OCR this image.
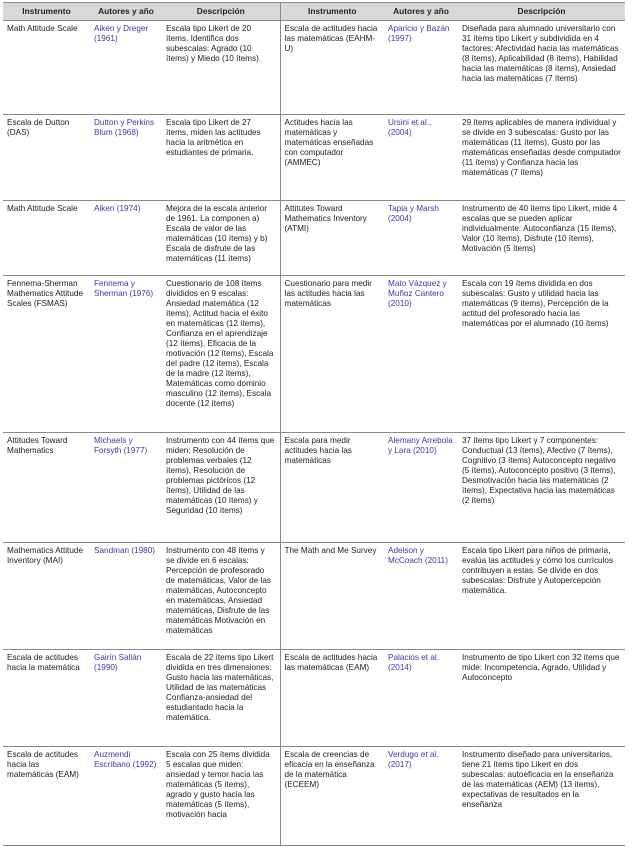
Instrumento	Autores y año	Descripción	Instrumento	Autores y año	Descripción
Math Attitude Scale	Aiken y Dreger (1961)	Escala tipo Likert de 20 ítems. Identifica dos subescalas: Agrado (10 ítems) y Miedo (10 ítems)	Escala de actitudes hacia las matemáticas (EAHM-U)	Aparicio y Bazán (1997)	Diseñada para alumnado universitario con 31 ítems tipo Likert y subdividida en 4 factores: Afectividad hacia las matemáticas (8 ítems), Aplicabilidad (8 ítems), Habilidad hacia las matemáticas (8 ítems), Ansiedad hacia las matemáticas (7 ítems)
Escala de Dutton (DAS)	Dutton y Perkins Blum (1968)	Escala tipo Likert de 27 ítems, miden las actitudes hacia la aritmética en estudiantes de primaria.	Actitudes hacia las matemáticas y matemáticas enseñadas con computador (AMMEC)	Ursini et al., (2004)	29 ítems aplicables de manera individual y se divide en 3 subescalas: Gusto por las matemáticas (11 ítems), Gusto por las matemáticas enseñadas desde computador (11 ítems) y Confianza hacia las matemáticas (7 ítems)
Math Attitude Scale	Aiken (1974)	Mejora de la escala anterior de 1961. La componen a) Escala de valor de las matemáticas (10 ítems) y b) Escala de disfrute de las matemáticas (11 ítems)	Attitutes Toward Mathematics Inventory (ATMI)	Tapia y Marsh (2004)	Instrumento de 40 ítems tipo Likert, mide 4 escalas que se pueden aplicar individualmente: Autoconfianza (15 ítems), Valor (10 ítems), Disfrute (10 ítems), Motivación (5 ítems)
Fennema-Sherman Mathematics Attitude Scales (FSMAS)	Fennema y Sherman (1976)	Cuestionario de 108 ítems divididos en 9 escalas: Ansiedad matemática (12 ítems), Actitud hacia el éxito en matemáticas (12 ítems), Confianza en el aprendizaje (12 ítems), Eficacia de la motivación (12 ítems), Escala del padre (12 ítems), Escala de la madre (12 ítems), Matemáticas como dominio masculino (12 ítems), Escala docente (12 ítems)	Cuestionario para medir las actitudes hacia las matemáticas	Mato Vázquez y Muñoz Cantero (2010)	Escala con 19 ítems dividida en dos subescalas: Gusto y utilidad hacia las matemáticas (9 ítems), Percepción de la actitud del profesorado hacia las matemáticas por el alumnado (10 ítems)
Attitudes Toward Mathematics	Michaels y Forsyth (1977)	Instrumento con 44 ítems que miden: Resolución de problemas verbales (12 ítems), Resolución de problemas pictóricos (12 ítems), Utilidad de las matemáticas (10 ítems) y Seguridad (10 ítems)	Escala para medir actitudes hacia las matemáticas	Alemany Arrebola y Lara (2010)	37 ítems tipo Likert y 7 componentes: Conductual (13 ítems), Afectivo (7 ítems), Cognitivo (3 ítems) Autoconcepto negativo (5 ítems), Autoconcepto positivo (3 ítems), Desmotivación hacia las matemáticas (2 ítems), Expectativa hacia las matemáticas (2 ítems)
Mathematics Attitude Inventory (MAI)	Sandman (1980)	Instrumento con 48 ítems y se divide en 6 escalas: Percepción de profesorado de matemáticas, Valor de las matemáticas, Autoconcepto en matemáticas, Ansiedad matemáticas, Disfrute de las matemáticas Motivación en matemáticas	The Math and Me Survey	Adelson y McCoach (2011)	Escala tipo Likert para niños de primaria, evalúa las actitudes y cómo los currículos contribuyen a estas. Se divide en dos subescalas: Disfrute y Autopercepción matemática.
Escala de actitudes hacia la matemática	Gairín Sallán (1990)	Escala de 22 ítems tipo Likert dividida en tres dimensiones: Gusto hacia las matemáticas, Utilidad de las matemáticas Confianza-ansiedad del estudiantado hacia la matemática.	Escala de actitudes hacia las matemáticas (EAM)	Palacios et al. (2014)	Instrumento de tipo Likert con 32 ítems que mide: Incompetencia, Agrado, Utilidad y Autoconcepto
Escala de actitudes hacia las matemáticas (EAM)	Auzmendi Escribano (1992)	Escala con 25 ítems dividida 5 escalas que miden: ansiedad y temor hacia las matemáticas (5 ítems), agrado y gusto hacia las matemáticas (5 ítems), motivación hacia	Escala de creencias de eficacia en la enseñanza de la matemática (ECEEM)	Verdugo et al. (2017)	Instrumento diseñado para universitarios, tiene 21 ítems tipo Likert en dos subescalas: autoeficacia en la enseñanza de las matemáticas (AEM) (13 ítems), expectativas de resultados en la enseñanza
